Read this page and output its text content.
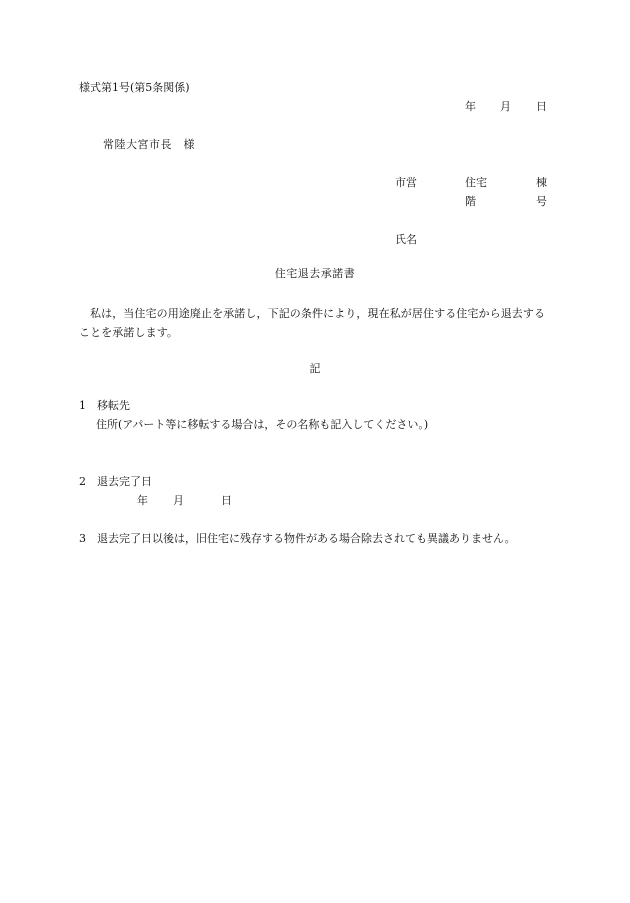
様式第1号(第5条関係)
年 月 日
常陸大宮市長　様
市営	住宅	棟
階	号
氏名
住宅退去承諾書
私は，当住宅の用途廃止を承諾し，下記の条件により，現在私が居住する住宅から退去することを承諾します。
記
1 移転先
住所(アパート等に移転する場合は，その名称も記入してください。)
2 退去完了日
年 月	日
3 退去完了日以後は，旧住宅に残存する物件がある場合除去されても異議ありません。
